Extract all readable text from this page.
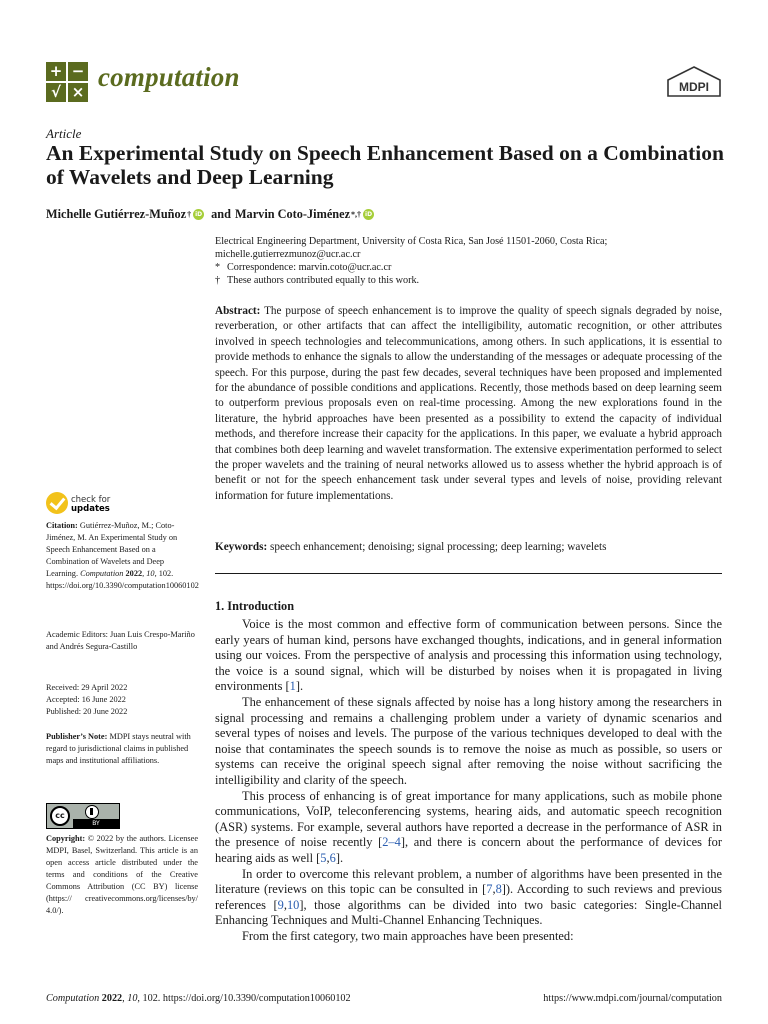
+ −
√ × computation	MDPI
Article
An Experimental Study on Speech Enhancement Based on a Combination of Wavelets and Deep Learning
Michelle Gutiérrez-Muñoz † iD and Marvin Coto-Jiménez *,† iD
Electrical Engineering Department, University of Costa Rica, San José 11501-2060, Costa Rica;
michelle.gutierrezmunoz@ucr.ac.cr
* Correspondence: marvin.coto@ucr.ac.cr
† These authors contributed equally to this work.
Abstract: The purpose of speech enhancement is to improve the quality of speech signals degraded by noise, reverberation, or other artifacts that can affect the intelligibility, automatic recognition, or other attributes involved in speech technologies and telecommunications, among others. In such applications, it is essential to provide methods to enhance the signals to allow the understanding of the messages or adequate processing of the speech. For this purpose, during the past few decades, several techniques have been proposed and implemented for the abundance of possible conditions and applications. Recently, those methods based on deep learning seem to outperform previous proposals even on real-time processing. Among the new explorations found in the literature, the hybrid approaches have been presented as a possibility to extend the capacity of individual methods, and therefore increase their capacity for the applications. In this paper, we evaluate a hybrid approach that combines both deep learning and wavelet transformation. The extensive experimentation performed to select the proper wavelets and the training of neural networks allowed us to assess whether the hybrid approach is of benefit or not for the speech enhancement task under several types and levels of noise, providing relevant information for future implementations.
Keywords: speech enhancement; denoising; signal processing; deep learning; wavelets
1. Introduction

Voice is the most common and effective form of communication between persons. Since the early years of human kind, persons have exchanged thoughts, indications, and in general information using our voices. From the perspective of analysis and processing this information using technology, the voice is a sound signal, which will be disturbed by noises when it is propagated in living environments [1].

The enhancement of these signals affected by noise has a long history among the researchers in signal processing and remains a challenging problem under a variety of dynamic scenarios and several types of noises and levels. The purpose of the various techniques developed to deal with the noise that contaminates the speech sounds is to remove the noise as much as possible, so users or systems can receive the original speech signal after removing the noise without sacrificing the intelligibility and clarity of the speech.

This process of enhancing is of great importance for many applications, such as mobile phone communications, VoIP, teleconferencing systems, hearing aids, and automatic speech recognition (ASR) systems. For example, several authors have reported a decrease in the performance of ASR in the presence of noise recently [2–4], and there is concern about the performance of devices for hearing aids as well [5,6].

In order to overcome this relevant problem, a number of algorithms have been presented in the literature (reviews on this topic can be consulted in [7,8]). According to such reviews and previous references [9,10], those algorithms can be divided into two basic categories: Single-Channel Enhancing Techniques and Multi-Channel Enhancing Techniques.

From the first category, two main approaches have been presented:

check for
updates
Citation: Gutiérrez-Muñoz, M.; Coto-Jiménez, M. An Experimental Study on Speech Enhancement Based on a Combination of Wavelets and Deep Learning. Computation 2022, 10, 102. https://doi.org/10.3390/computation10060102
Academic Editors: Juan Luis Crespo-Mariño and Andrés Segura-Castillo
Received: 29 April 2022
Accepted: 16 June 2022
Published: 20 June 2022
Publisher’s Note: MDPI stays neutral with regard to jurisdictional claims in published maps and institutional affiliations.
cc
BY
Copyright: © 2022 by the authors. Licensee MDPI, Basel, Switzerland. This article is an open access article distributed under the terms and conditions of the Creative Commons Attribution (CC BY) license (https:// creativecommons.org/licenses/by/ 4.0/).
Computation 2022, 10, 102. https://doi.org/10.3390/computation10060102	https://www.mdpi.com/journal/computation
